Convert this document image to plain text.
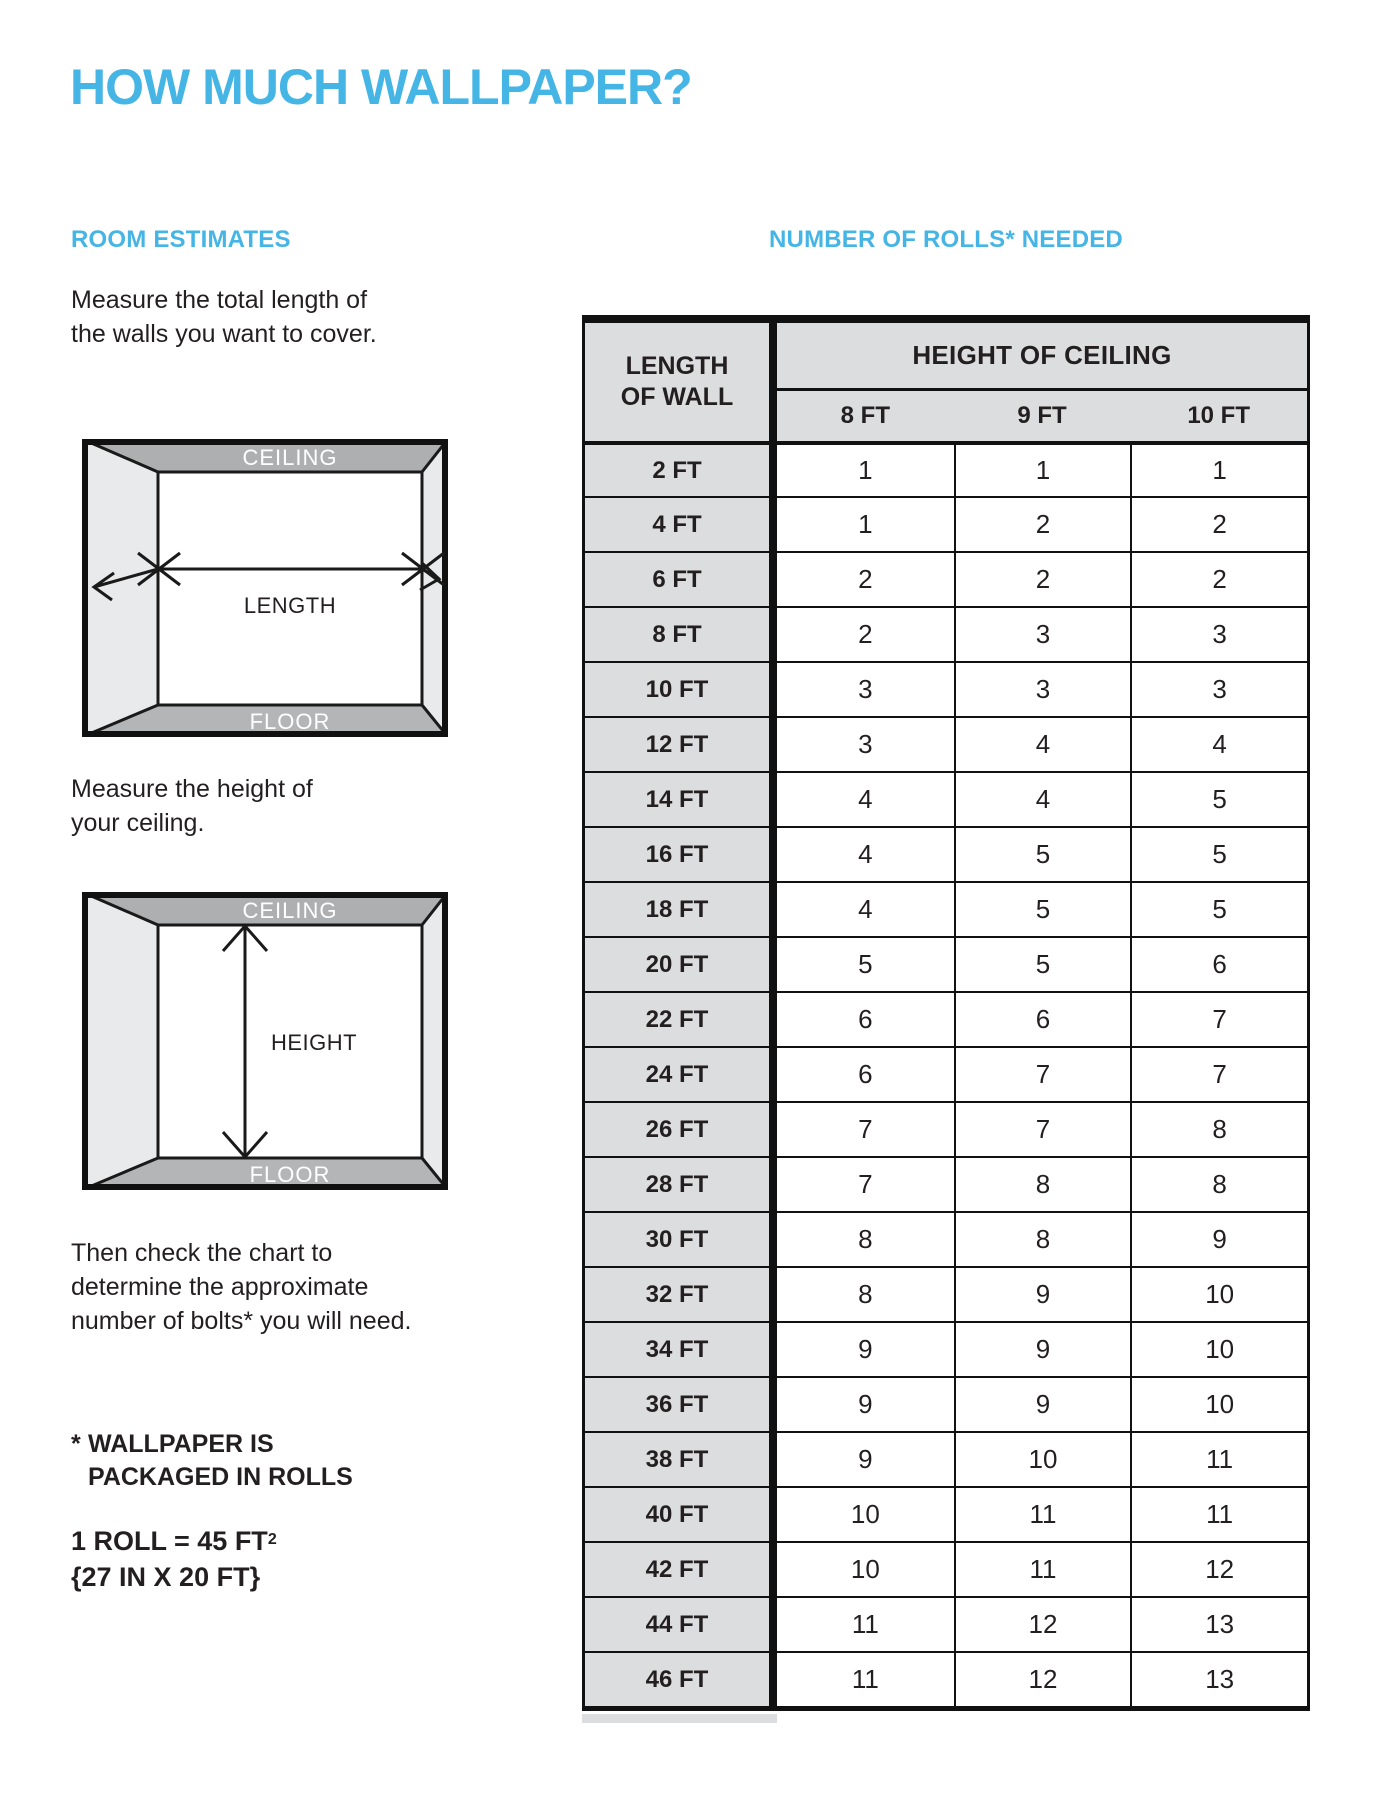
HOW MUCH WALLPAPER?
ROOM ESTIMATES
Measure the total length of
the walls you want to cover.
CEILING
FLOOR
LENGTH
Measure the height of
your ceiling.
CEILING
FLOOR
HEIGHT
Then check the chart to
determine the approximate
number of bolts* you will need.
* WALLPAPER IS
PACKAGED IN ROLLS
1 ROLL = 45 $FT^2$
{27 IN X 20 FT}
NUMBER OF ROLLS* NEEDED
LENGTH
OF WALL
HEIGHT OF CEILING
8 FT	9 FT	10 FT
2 FT	1	1	1
4 FT	1	2	2
6 FT	2	2	2
8 FT	2	3	3
10 FT	3	3	3
12 FT	3	4	4
14 FT	4	4	5
16 FT	4	5	5
18 FT	4	5	5
20 FT	5	5	6
22 FT	6	6	7
24 FT	6	7	7
26 FT	7	7	8
28 FT	7	8	8
30 FT	8	8	9
32 FT	8	9	10
34 FT	9	9	10
36 FT	9	9	10
38 FT	9	10	11
40 FT	10	11	11
42 FT	10	11	12
44 FT	11	12	13
46 FT	11	12	13
